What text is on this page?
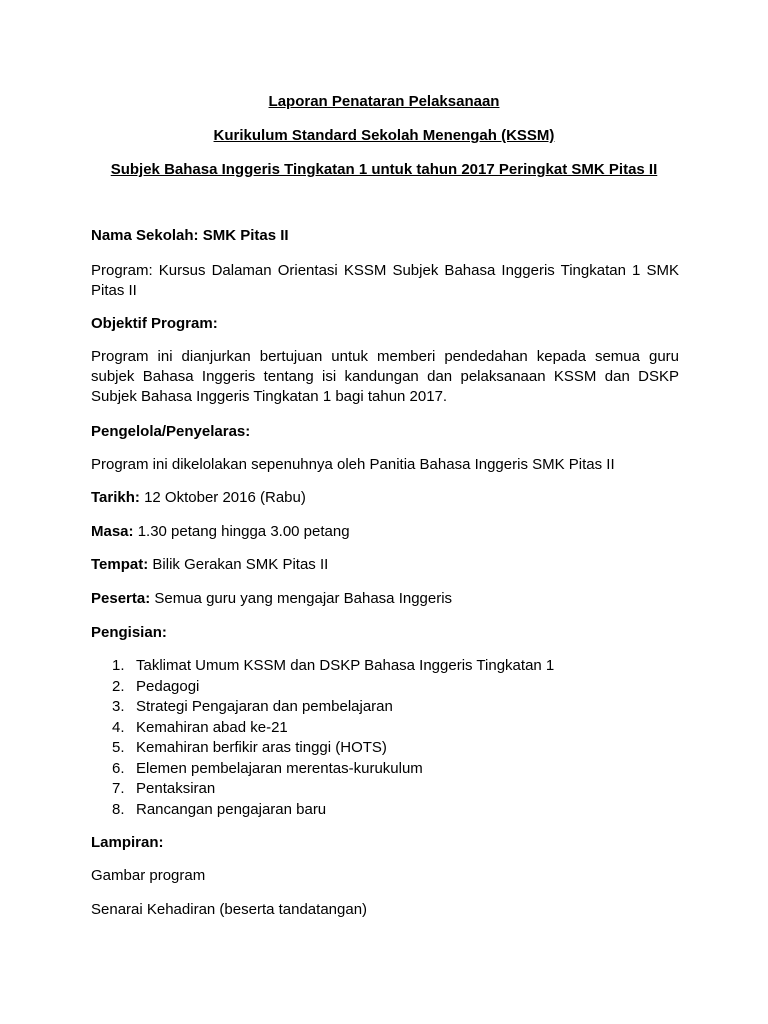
Laporan Penataran Pelaksanaan
Kurikulum Standard Sekolah Menengah (KSSM)
Subjek Bahasa Inggeris Tingkatan 1 untuk tahun 2017 Peringkat SMK Pitas II
Nama Sekolah: SMK Pitas II
Program: Kursus Dalaman Orientasi KSSM Subjek Bahasa Inggeris Tingkatan 1 SMK Pitas II
Objektif Program:
Program ini dianjurkan bertujuan untuk memberi pendedahan kepada semua guru subjek Bahasa Inggeris tentang isi kandungan dan pelaksanaan KSSM dan DSKP Subjek Bahasa Inggeris Tingkatan 1 bagi tahun 2017.
Pengelola/Penyelaras:
Program ini dikelolakan sepenuhnya oleh Panitia Bahasa Inggeris SMK Pitas II
Tarikh: 12 Oktober 2016 (Rabu)
Masa: 1.30 petang hingga 3.00 petang
Tempat: Bilik Gerakan SMK Pitas II
Peserta: Semua guru yang mengajar Bahasa Inggeris
Pengisian:
1. Taklimat Umum KSSM dan DSKP Bahasa Inggeris Tingkatan 1
2. Pedagogi
3. Strategi Pengajaran dan pembelajaran
4. Kemahiran abad ke-21
5. Kemahiran berfikir aras tinggi (HOTS)
6. Elemen pembelajaran merentas-kurukulum
7. Pentaksiran
8. Rancangan pengajaran baru
Lampiran:
Gambar program
Senarai Kehadiran (beserta tandatangan)
